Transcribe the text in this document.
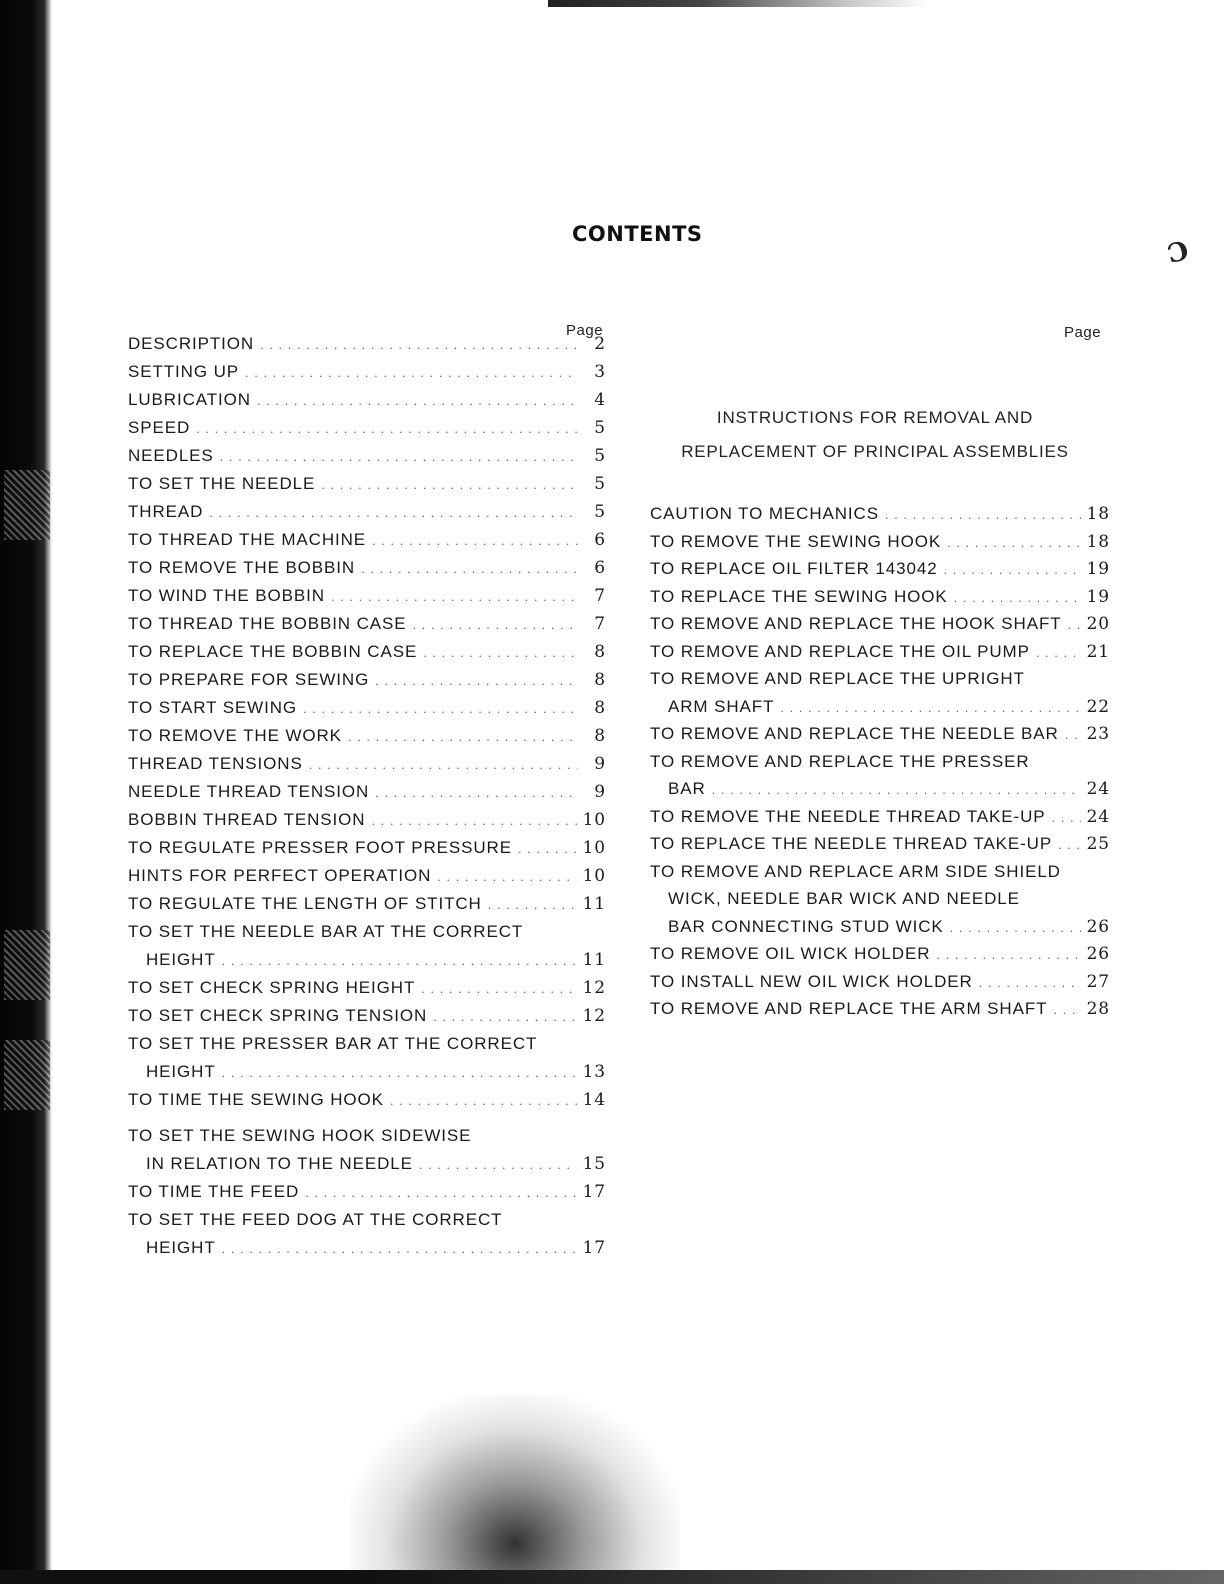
Ɔ
CONTENTS
Page
DESCRIPTION . . .	2
SETTING UP . . .	3
LUBRICATION . . .	4
SPEED . . .	5
NEEDLES . . .	5
TO SET THE NEEDLE . . .	5
THREAD . . .	5
TO THREAD THE MACHINE . . .	6
TO REMOVE THE BOBBIN . . .	6
TO WIND THE BOBBIN . . .	7
TO THREAD THE BOBBIN CASE . . .	7
TO REPLACE THE BOBBIN CASE . . .	8
TO PREPARE FOR SEWING . . .	8
TO START SEWING . . .	8
TO REMOVE THE WORK . . .	8
THREAD TENSIONS . . .	9
NEEDLE THREAD TENSION . . .	9
BOBBIN THREAD TENSION . . .	10
TO REGULATE PRESSER FOOT PRESSURE . . .	10
HINTS FOR PERFECT OPERATION . . .	10
TO REGULATE THE LENGTH OF STITCH . . .	11
TO SET THE NEEDLE BAR AT THE CORRECT
HEIGHT . . .	11
TO SET CHECK SPRING HEIGHT . . .	12
TO SET CHECK SPRING TENSION . . .	12
TO SET THE PRESSER BAR AT THE CORRECT
HEIGHT . . .	13
TO TIME THE SEWING HOOK . . .	14
TO SET THE SEWING HOOK SIDEWISE
IN RELATION TO THE NEEDLE . . .	15
TO TIME THE FEED . . .	17
TO SET THE FEED DOG AT THE CORRECT
HEIGHT . . .	17
Page
INSTRUCTIONS FOR REMOVAL AND
REPLACEMENT OF PRINCIPAL ASSEMBLIES
CAUTION TO MECHANICS . . .	18
TO REMOVE THE SEWING HOOK . . .	18
TO REPLACE OIL FILTER 143042 . . .	19
TO REPLACE THE SEWING HOOK . . .	19
TO REMOVE AND REPLACE THE HOOK SHAFT . . . 20
TO REMOVE AND REPLACE THE OIL PUMP . . .	21
TO REMOVE AND REPLACE THE UPRIGHT
ARM SHAFT . . .	22
TO REMOVE AND REPLACE THE NEEDLE BAR . . . 23
TO REMOVE AND REPLACE THE PRESSER
BAR . . .	24
TO REMOVE THE NEEDLE THREAD TAKE-UP . . . 24
TO REPLACE THE NEEDLE THREAD TAKE-UP . . . 25
TO REMOVE AND REPLACE ARM SIDE SHIELD
WICK, NEEDLE BAR WICK AND NEEDLE
BAR CONNECTING STUD WICK . . .	26
TO REMOVE OIL WICK HOLDER . . .	26
TO INSTALL NEW OIL WICK HOLDER . . .	27
TO REMOVE AND REPLACE THE ARM SHAFT . . . 28
